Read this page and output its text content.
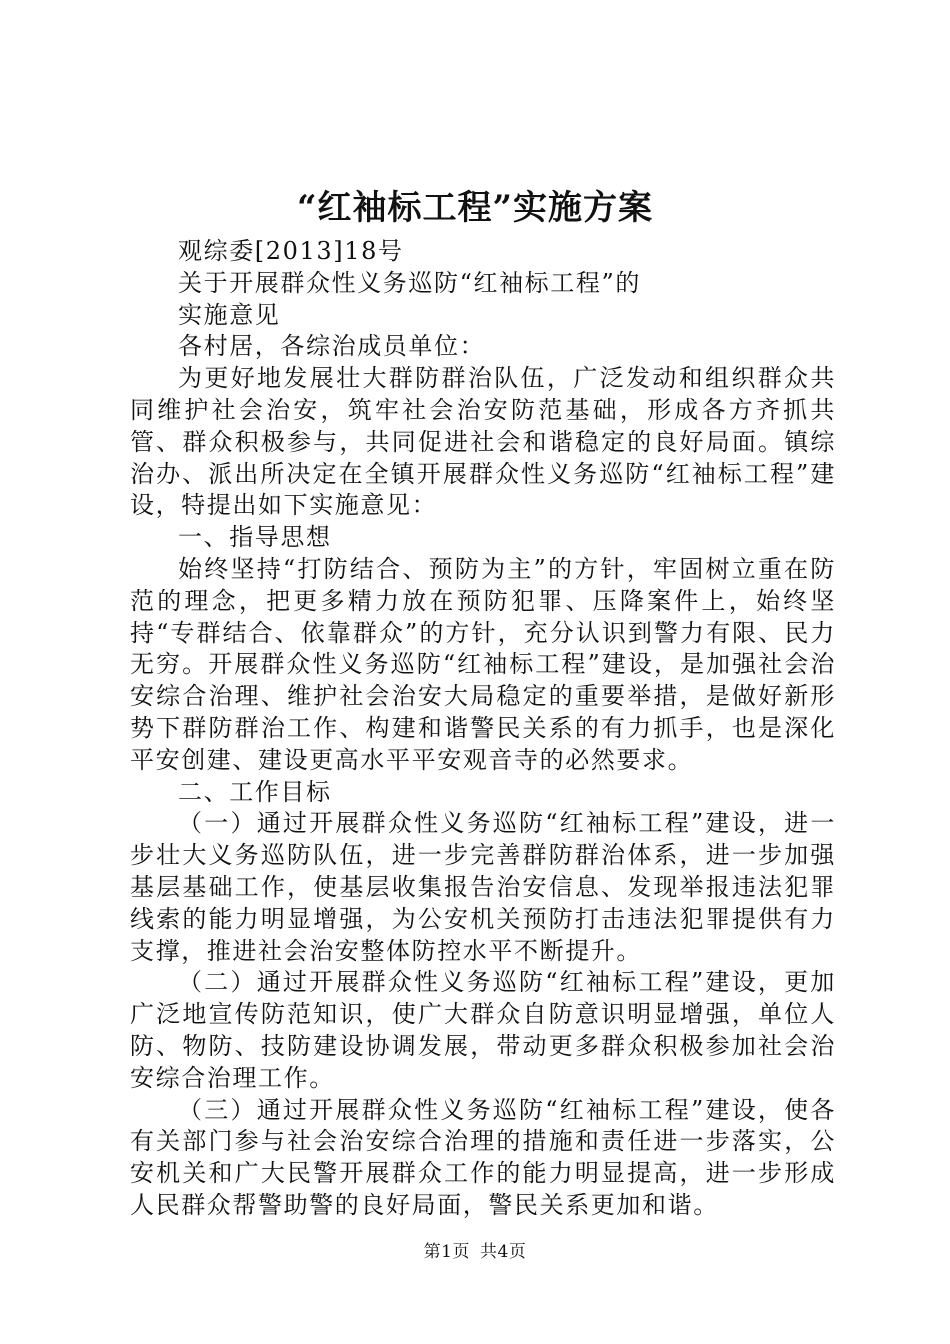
“红袖标工程”实施方案

观综委[2013]18号

关于开展群众性义务巡防“红袖标工程”的

实施意见

各村居，各综治成员单位：

为更好地发展壮大群防群治队伍，广泛发动和组织群众共同维护社会治安，筑牢社会治安防范基础，形成各方齐抓共管、群众积极参与，共同促进社会和谐稳定的良好局面。镇综治办、派出所决定在全镇开展群众性义务巡防“红袖标工程”建设，特提出如下实施意见：

一、指导思想

始终坚持“打防结合、预防为主”的方针，牢固树立重在防范的理念，把更多精力放在预防犯罪、压降案件上，始终坚持“专群结合、依靠群众”的方针，充分认识到警力有限、民力无穷。开展群众性义务巡防“红袖标工程”建设，是加强社会治安综合治理、维护社会治安大局稳定的重要举措，是做好新形势下群防群治工作、构建和谐警民关系的有力抓手，也是深化平安创建、建设更高水平平安观音寺的必然要求。

二、工作目标

（一）通过开展群众性义务巡防“红袖标工程”建设，进一步壮大义务巡防队伍，进一步完善群防群治体系，进一步加强基层基础工作，使基层收集报告治安信息、发现举报违法犯罪线索的能力明显增强，为公安机关预防打击违法犯罪提供有力支撑，推进社会治安整体防控水平不断提升。

（二）通过开展群众性义务巡防“红袖标工程”建设，更加广泛地宣传防范知识，使广大群众自防意识明显增强，单位人防、物防、技防建设协调发展，带动更多群众积极参加社会治安综合治理工作。

（三）通过开展群众性义务巡防“红袖标工程”建设，使各有关部门参与社会治安综合治理的措施和责任进一步落实，公安机关和广大民警开展群众工作的能力明显提高，进一步形成人民群众帮警助警的良好局面，警民关系更加和谐。

第1页 共4页
